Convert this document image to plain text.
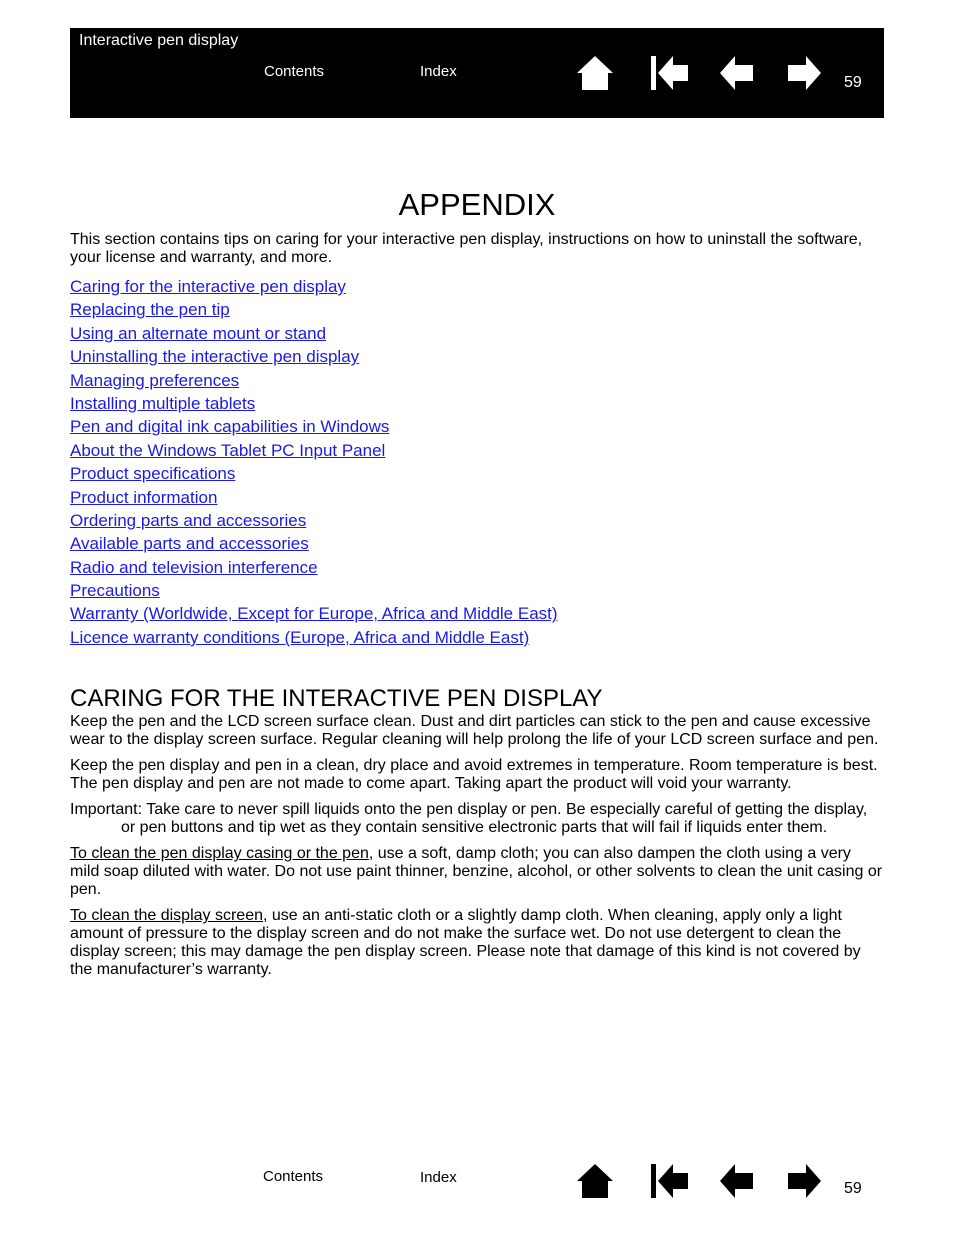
Interactive pen display
Contents	Index
59
APPENDIX

This section contains tips on caring for your interactive pen display, instructions on how to uninstall the software, your license and warranty, and more.

Caring for the interactive pen display
Replacing the pen tip
Using an alternate mount or stand
Uninstalling the interactive pen display
Managing preferences
Installing multiple tablets
Pen and digital ink capabilities in Windows
About the Windows Tablet PC Input Panel
Product specifications
Product information
Ordering parts and accessories
Available parts and accessories
Radio and television interference
Precautions
Warranty (Worldwide, Except for Europe, Africa and Middle East)
Licence warranty conditions (Europe, Africa and Middle East)
CARING FOR THE INTERACTIVE PEN DISPLAY

Keep the pen and the LCD screen surface clean. Dust and dirt particles can stick to the pen and cause excessive wear to the display screen surface. Regular cleaning will help prolong the life of your LCD screen surface and pen.

Keep the pen display and pen in a clean, dry place and avoid extremes in temperature. Room temperature is best. The pen display and pen are not made to come apart. Taking apart the product will void your warranty.

Important: Take care to never spill liquids onto the pen display or pen. Be especially careful of getting the display, or pen buttons and tip wet as they contain sensitive electronic parts that will fail if liquids enter them.

To clean the pen display casing or the pen, use a soft, damp cloth; you can also dampen the cloth using a very mild soap diluted with water. Do not use paint thinner, benzine, alcohol, or other solvents to clean the unit casing or pen.

To clean the display screen, use an anti-static cloth or a slightly damp cloth. When cleaning, apply only a light amount of pressure to the display screen and do not make the surface wet. Do not use detergent to clean the display screen; this may damage the pen display screen. Please note that damage of this kind is not covered by the manufacturer’s warranty.

Contents	Index
59
